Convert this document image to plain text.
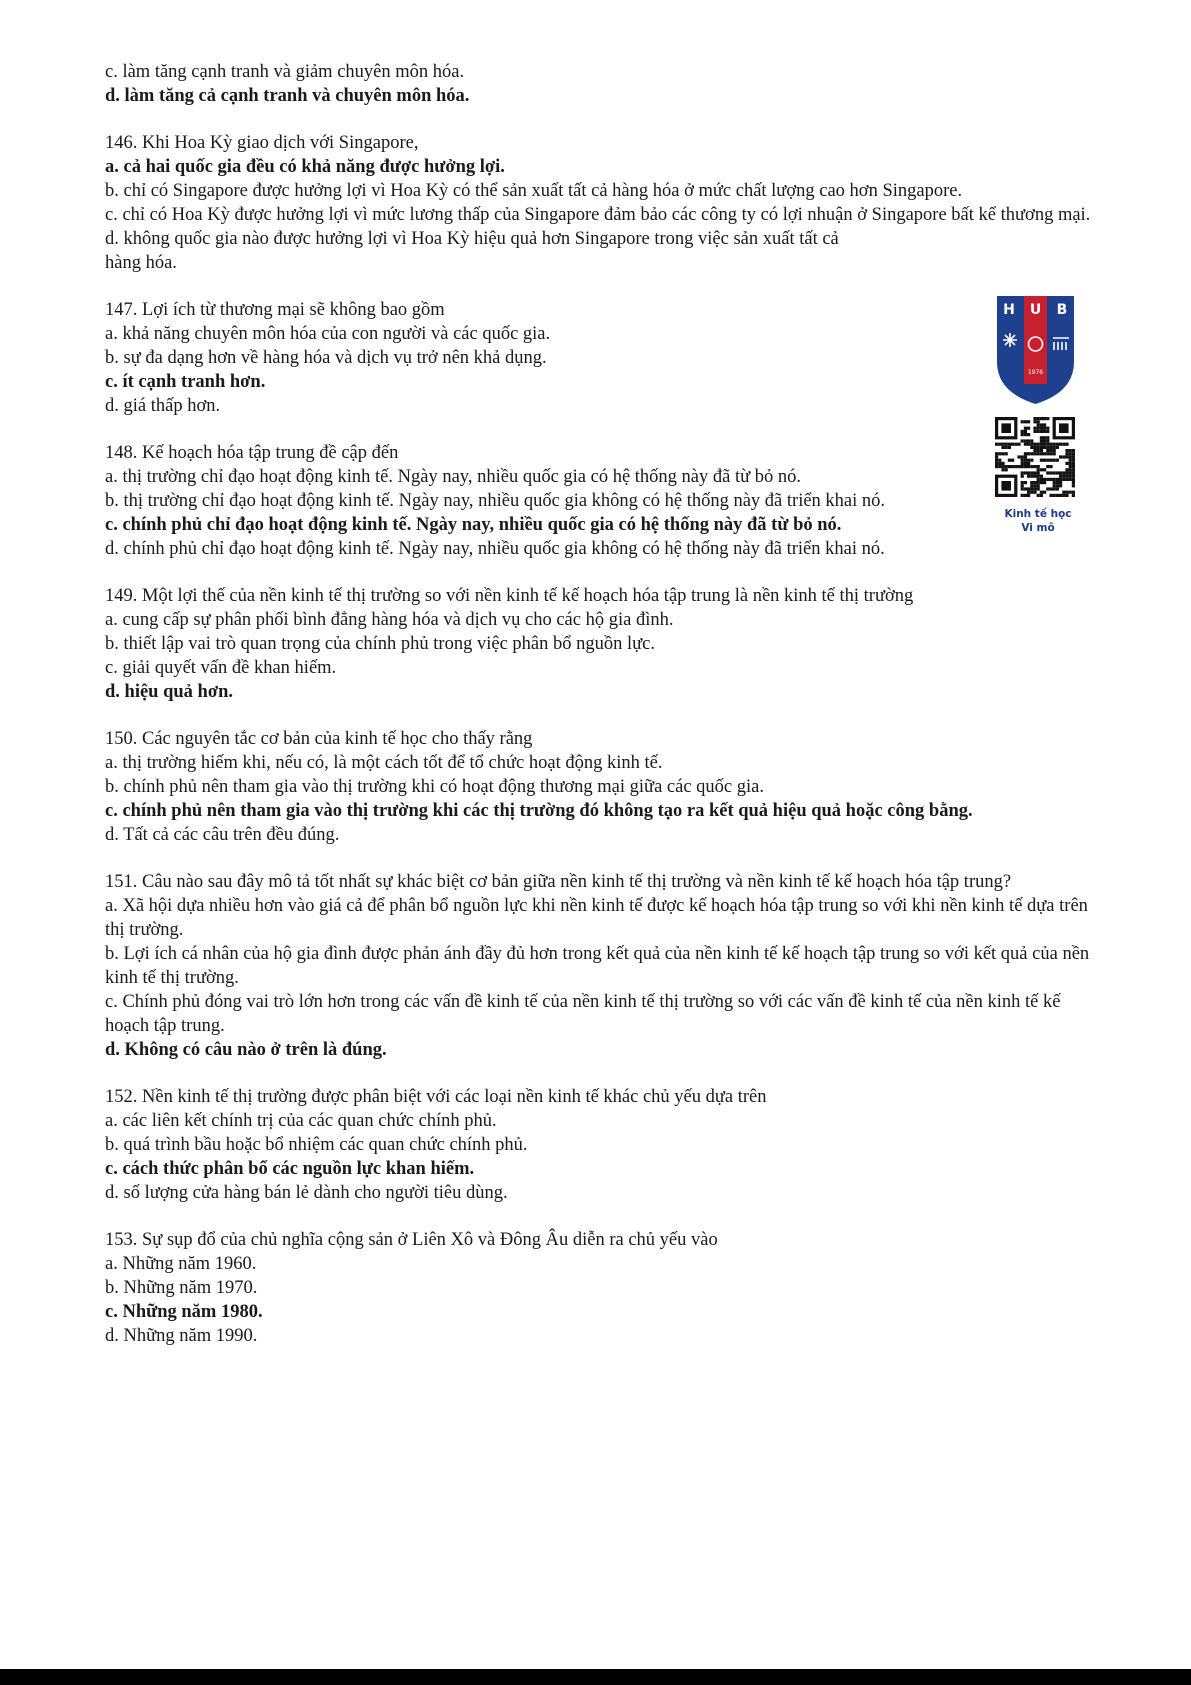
c. làm tăng cạnh tranh và giảm chuyên môn hóa.
d. làm tăng cả cạnh tranh và chuyên môn hóa.
146. Khi Hoa Kỳ giao dịch với Singapore,
a. cả hai quốc gia đều có khả năng được hưởng lợi.
b. chỉ có Singapore được hưởng lợi vì Hoa Kỳ có thể sản xuất tất cả hàng hóa ở mức chất lượng cao hơn Singapore.
c. chỉ có Hoa Kỳ được hưởng lợi vì mức lương thấp của Singapore đảm bảo các công ty có lợi nhuận ở Singapore bất kể thương mại.
d. không quốc gia nào được hưởng lợi vì Hoa Kỳ hiệu quả hơn Singapore trong việc sản xuất tất cả
hàng hóa.
147. Lợi ích từ thương mại sẽ không bao gồm
a. khả năng chuyên môn hóa của con người và các quốc gia.
b. sự đa dạng hơn về hàng hóa và dịch vụ trở nên khả dụng.
c. ít cạnh tranh hơn.
d. giá thấp hơn.
148. Kế hoạch hóa tập trung đề cập đến
a. thị trường chỉ đạo hoạt động kinh tế. Ngày nay, nhiều quốc gia có hệ thống này đã từ bỏ nó.
b. thị trường chỉ đạo hoạt động kinh tế. Ngày nay, nhiều quốc gia không có hệ thống này đã triển khai nó.
c. chính phủ chỉ đạo hoạt động kinh tế. Ngày nay, nhiều quốc gia có hệ thống này đã từ bỏ nó.
d. chính phủ chỉ đạo hoạt động kinh tế. Ngày nay, nhiều quốc gia không có hệ thống này đã triển khai nó.
149. Một lợi thế của nền kinh tế thị trường so với nền kinh tế kế hoạch hóa tập trung là nền kinh tế thị trường
a. cung cấp sự phân phối bình đẳng hàng hóa và dịch vụ cho các hộ gia đình.
b. thiết lập vai trò quan trọng của chính phủ trong việc phân bổ nguồn lực.
c. giải quyết vấn đề khan hiếm.
d. hiệu quả hơn.
150. Các nguyên tắc cơ bản của kinh tế học cho thấy rằng
a. thị trường hiếm khi, nếu có, là một cách tốt để tổ chức hoạt động kinh tế.
b. chính phủ nên tham gia vào thị trường khi có hoạt động thương mại giữa các quốc gia.
c. chính phủ nên tham gia vào thị trường khi các thị trường đó không tạo ra kết quả hiệu quả hoặc công bằng.
d. Tất cả các câu trên đều đúng.
151. Câu nào sau đây mô tả tốt nhất sự khác biệt cơ bản giữa nền kinh tế thị trường và nền kinh tế kế hoạch hóa tập trung?
a. Xã hội dựa nhiều hơn vào giá cả để phân bổ nguồn lực khi nền kinh tế được kế hoạch hóa tập trung so với khi nền kinh tế dựa trên thị trường.
b. Lợi ích cá nhân của hộ gia đình được phản ánh đầy đủ hơn trong kết quả của nền kinh tế kế hoạch tập trung so với kết quả của nền kinh tế thị trường.
c. Chính phủ đóng vai trò lớn hơn trong các vấn đề kinh tế của nền kinh tế thị trường so với các vấn đề kinh tế của nền kinh tế kế hoạch tập trung.
d. Không có câu nào ở trên là đúng.
152. Nền kinh tế thị trường được phân biệt với các loại nền kinh tế khác chủ yếu dựa trên
a. các liên kết chính trị của các quan chức chính phủ.
b. quá trình bầu hoặc bổ nhiệm các quan chức chính phủ.
c. cách thức phân bổ các nguồn lực khan hiếm.
d. số lượng cửa hàng bán lẻ dành cho người tiêu dùng.
153. Sự sụp đổ của chủ nghĩa cộng sản ở Liên Xô và Đông Âu diễn ra chủ yếu vào
a. Những năm 1960.
b. Những năm 1970.
c. Những năm 1980.
d. Những năm 1990.
H U B
1976
Kinh tế học
Vi mô
